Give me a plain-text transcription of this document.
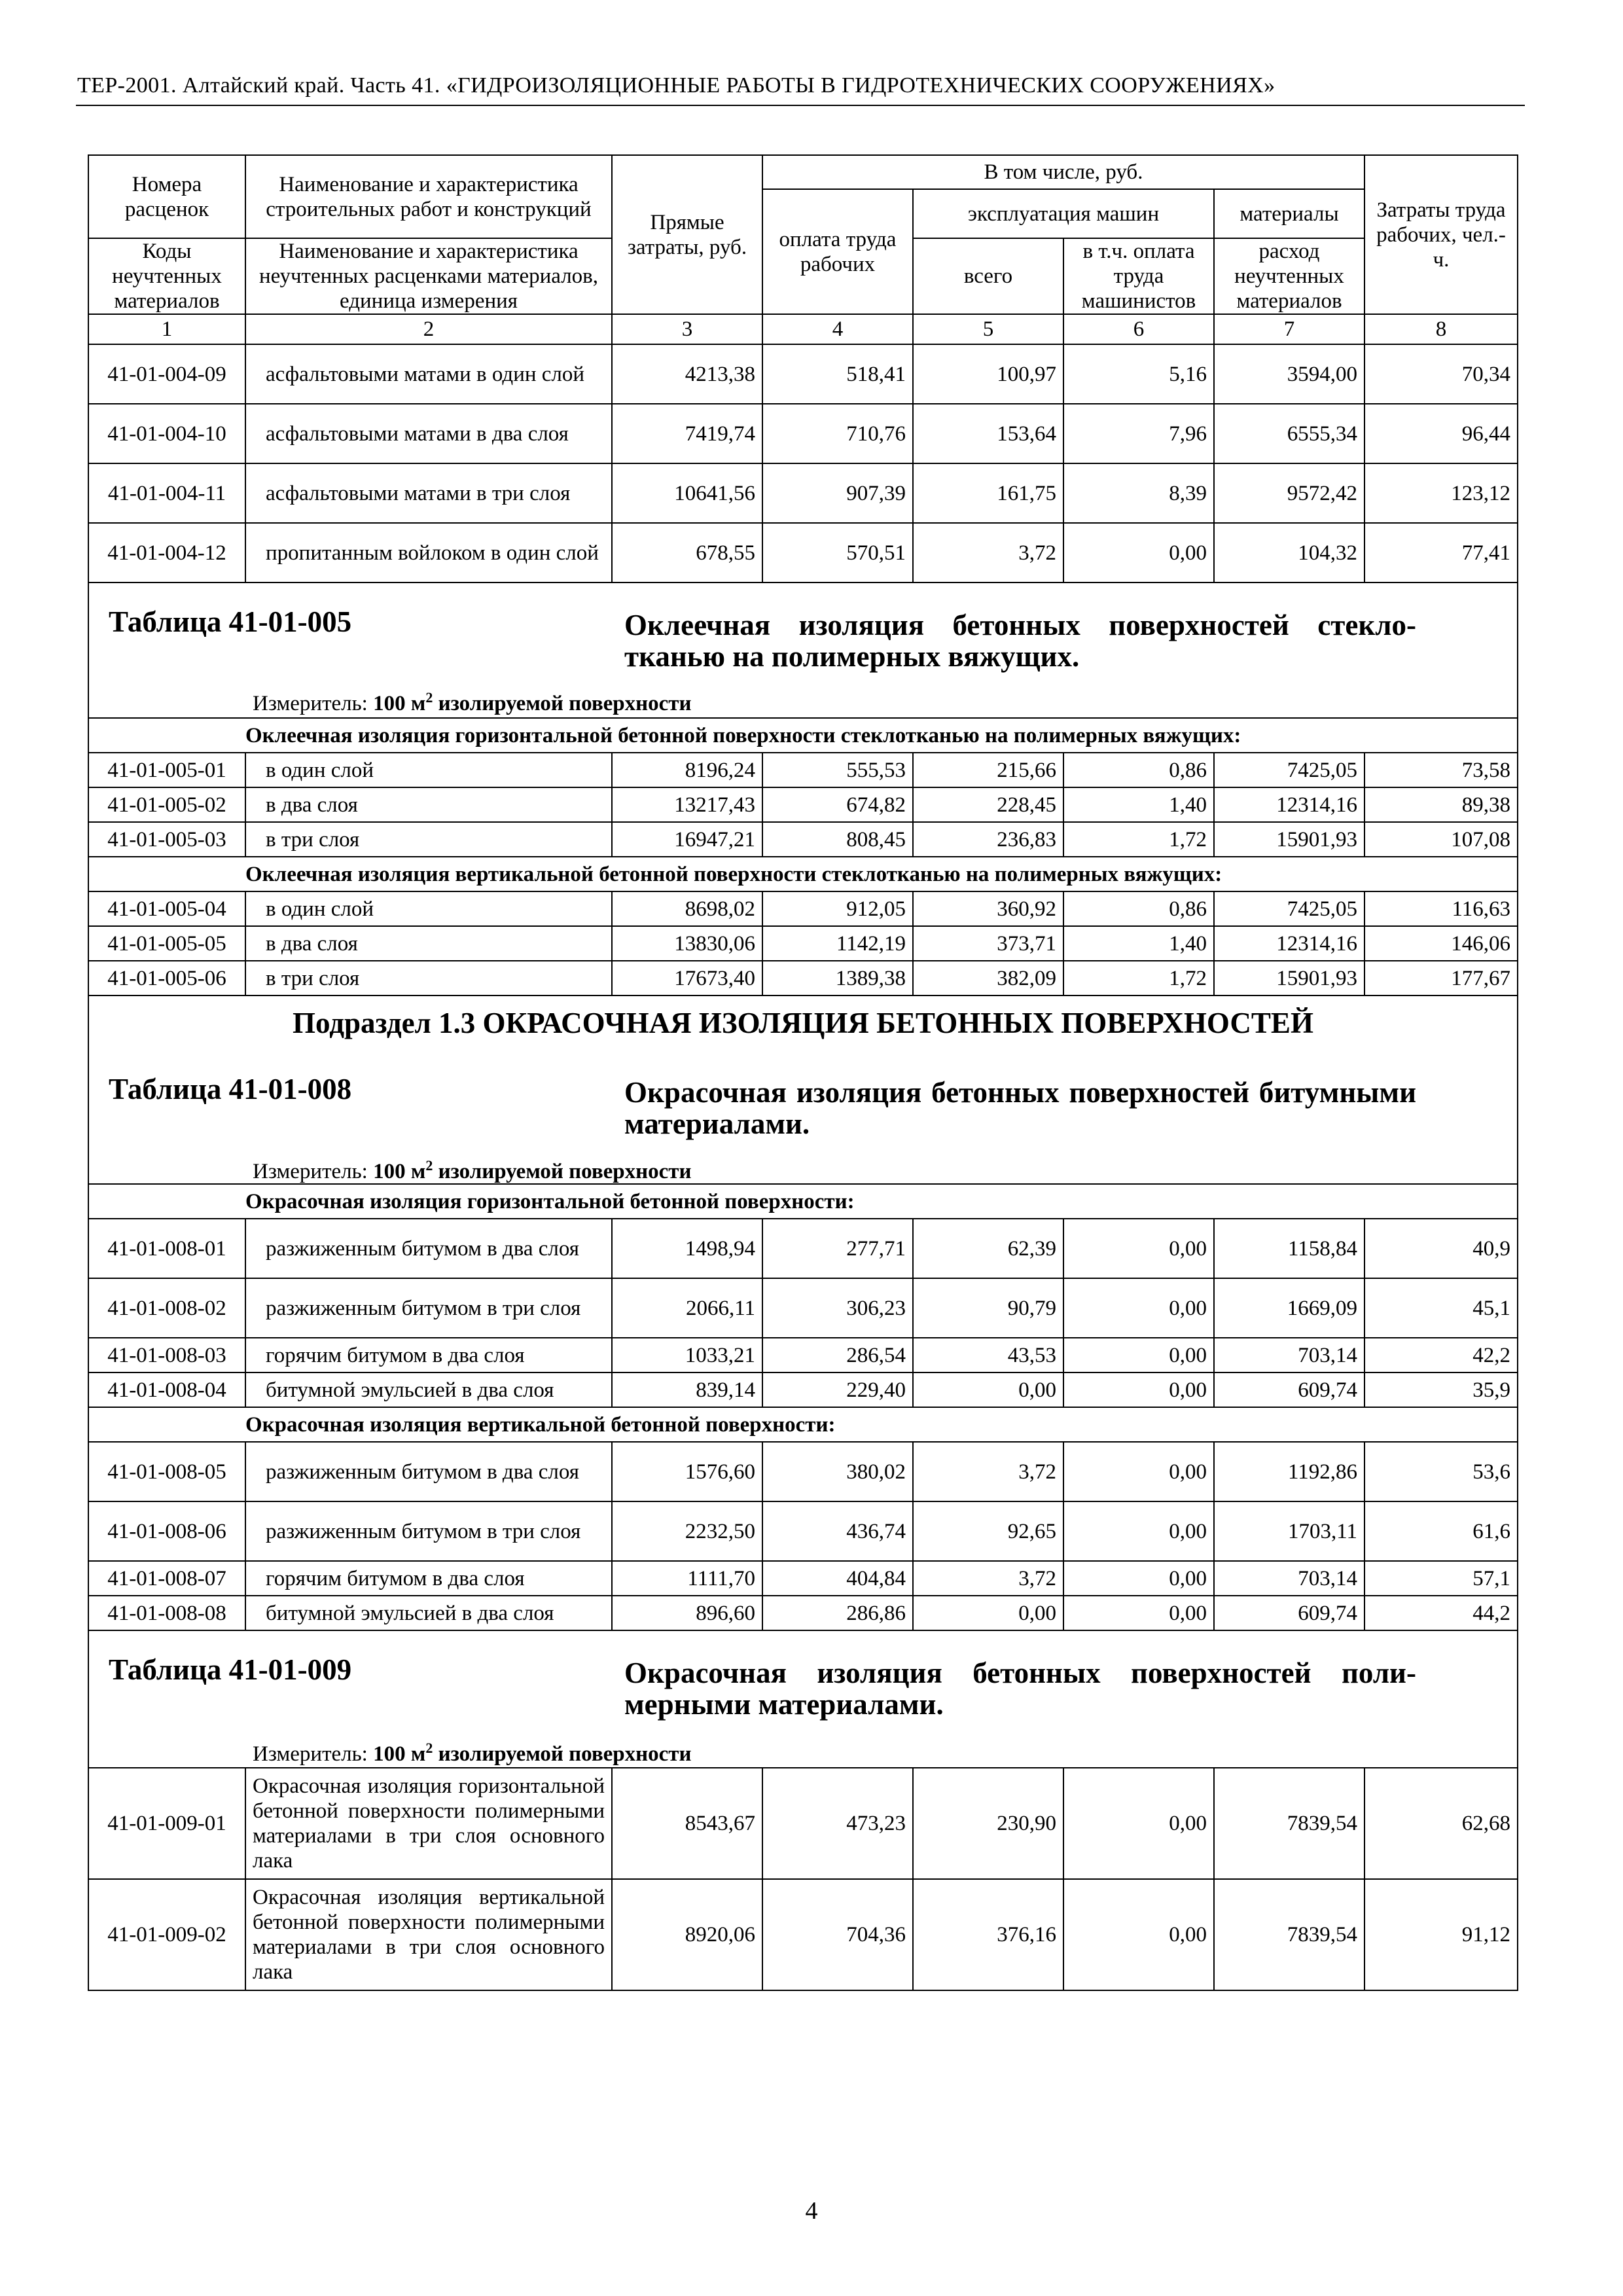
ТЕР-2001. Алтайский край. Часть 41. «ГИДРОИЗОЛЯЦИОННЫЕ РАБОТЫ В ГИДРОТЕХНИЧЕСКИХ СООРУЖЕНИЯХ»
Номера расценок	Наименование и характеристика строительных работ и конструкций	Прямые затраты, руб.	В том числе, руб.				Затраты труда рабочих, чел.-ч.
			оплата труда рабочих	эксплуатация машин		материалы	
Коды неучтенных материалов	Наименование и характеристика неучтенных расценками материалов, единица измерения			всего	в т.ч. оплата труда машинистов	расход неучтенных материалов	
1	2	3	4	5	6	7	8
41-01-004-09	асфальтовыми матами в один слой	4213,38	518,41	100,97	5,16	3594,00	70,34
41-01-004-10	асфальтовыми матами в два слоя	7419,74	710,76	153,64	7,96	6555,34	96,44
41-01-004-11	асфальтовыми матами в три слоя	10641,56	907,39	161,75	8,39	9572,42	123,12
41-01-004-12	пропитанным войлоком в один слой	678,55	570,51	3,72	0,00	104,32	77,41

Таблица 41-01-005 Оклеечная изоляция бетонных поверхностей стеклотканью на полимерных вяжущих.
Измеритель: 100 $м^2$ изолируемой поверхности							

	Оклеечная изоляция горизонтальной бетонной поверхности стеклотканью на полимерных вяжущих:						
41-01-005-01	в один слой	8196,24	555,53	215,66	0,86	7425,05	73,58
41-01-005-02	в два слоя	13217,43	674,82	228,45	1,40	12314,16	89,38
41-01-005-03	в три слоя	16947,21	808,45	236,83	1,72	15901,93	107,08
	Оклеечная изоляция вертикальной бетонной поверхности стеклотканью на полимерных вяжущих:						
41-01-005-04	в один слой	8698,02	912,05	360,92	0,86	7425,05	116,63
41-01-005-05	в два слоя	13830,06	1142,19	373,71	1,40	12314,16	146,06
41-01-005-06	в три слоя	17673,40	1389,38	382,09	1,72	15901,93	177,67

Подраздел 1.3 ОКРАСОЧНАЯ ИЗОЛЯЦИЯ БЕТОННЫХ ПОВЕРХНОСТЕЙ
Таблица 41-01-008 Окрасочная изоляция бетонных поверхностей битумными материалами.
Измеритель: 100 $м^2$ изолируемой поверхности							

	Окрасочная изоляция горизонтальной бетонной поверхности:						
41-01-008-01	разжиженным битумом в два слоя	1498,94	277,71	62,39	0,00	1158,84	40,9
41-01-008-02	разжиженным битумом в три слоя	2066,11	306,23	90,79	0,00	1669,09	45,1
41-01-008-03	горячим битумом в два слоя	1033,21	286,54	43,53	0,00	703,14	42,2
41-01-008-04	битумной эмульсией в два слоя	839,14	229,40	0,00	0,00	609,74	35,9
	Окрасочная изоляция вертикальной бетонной поверхности:						
41-01-008-05	разжиженным битумом в два слоя	1576,60	380,02	3,72	0,00	1192,86	53,6
41-01-008-06	разжиженным битумом в три слоя	2232,50	436,74	92,65	0,00	1703,11	61,6
41-01-008-07	горячим битумом в два слоя	1111,70	404,84	3,72	0,00	703,14	57,1
41-01-008-08	битумной эмульсией в два слоя	896,60	286,86	0,00	0,00	609,74	44,2

Таблица 41-01-009 Окрасочная изоляция бетонных поверхностей полимерными материалами.
Измеритель: 100 $м^2$ изолируемой поверхности							

41-01-009-01	Окрасочная изоляция горизонтальной бетонной поверхности полимерными материалами в три слоя основного лака	8543,67	473,23	230,90	0,00	7839,54	62,68
41-01-009-02	Окрасочная изоляция вертикальной бетонной поверхности полимерными материалами в три слоя основного лака	8920,06	704,36	376,16	0,00	7839,54	91,12
4
